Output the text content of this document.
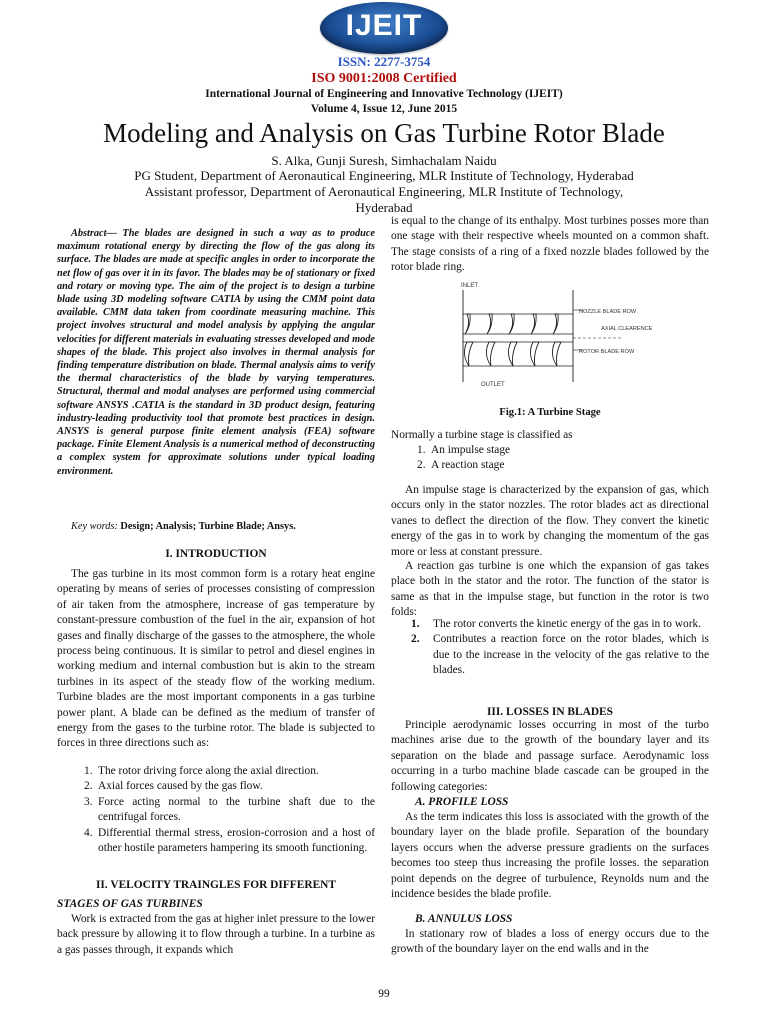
IJEIT
ISSN: 2277-3754
ISO 9001:2008 Certified
International Journal of Engineering and Innovative Technology (IJEIT)
Volume 4, Issue 12, June 2015
Modeling and Analysis on Gas Turbine Rotor Blade
S. Alka, Gunji Suresh, Simhachalam Naidu
PG Student, Department of Aeronautical Engineering, MLR Institute of Technology, Hyderabad
Assistant professor, Department of Aeronautical Engineering, MLR Institute of Technology,
Hyderabad
Abstract— The blades are designed in such a way as to produce maximum rotational energy by directing the flow of the gas along its surface. The blades are made at specific angles in order to incorporate the net flow of gas over it in its favor. The blades may be of stationary or fixed and rotary or moving type. The aim of the project is to design a turbine blade using 3D modeling software CATIA by using the CMM point data available. CMM data taken from coordinate measuring machine. This project involves structural and model analysis by applying the angular velocities for different materials in evaluating stresses developed and mode shapes of the blade. This project also involves in thermal analysis for finding temperature distribution on blade. Thermal analysis aims to verify the thermal characteristics of the blade by varying temperatures. Structural, thermal and modal analyses are performed using commercial software ANSYS .CATIA is the standard in 3D product design, featuring industry-leading productivity tool that promote best practices in design. ANSYS is general purpose finite element analysis (FEA) software package. Finite Element Analysis is a numerical method of deconstructing a complex system for approximate solutions under typical loading environment.
Key words: Design; Analysis; Turbine Blade; Ansys.
I. INTRODUCTION
The gas turbine in its most common form is a rotary heat engine operating by means of series of processes consisting of compression of air taken from the atmosphere, increase of gas temperature by constant-pressure combustion of the fuel in the air, expansion of hot gases and finally discharge of the gasses to the atmosphere, the whole process being continuous. It is similar to petrol and diesel engines in working medium and internal combustion but is akin to the stream turbines in its aspect of the steady flow of the working medium. Turbine blades are the most important components in a gas turbine power plant. A blade can be defined as the medium of transfer of energy from the gases to the turbine rotor. The blade is subjected to forces in three directions such as:
1. The rotor driving force along the axial direction.
2. Axial forces caused by the gas flow.
3. Force acting normal to the turbine shaft due to the centrifugal forces.
4. Differential thermal stress, erosion-corrosion and a host of other hostile parameters hampering its smooth functioning.
II. VELOCITY TRAINGLES FOR DIFFERENT
STAGES OF GAS TURBINES
Work is extracted from the gas at higher inlet pressure to the lower back pressure by allowing it to flow through a turbine. In a turbine as a gas passes through, it expands which
is equal to the change of its enthalpy. Most turbines posses more than one stage with their respective wheels mounted on a common shaft. The stage consists of a ring of a fixed nozzle blades followed by the rotor blade ring.
INLET
NOZZLE BLADE ROW
AXIAL CLEARENCE
ROTOR BLADE ROW
OUTLET
Fig.1: A Turbine Stage
Normally a turbine stage is classified as
1. An impulse stage
2. A reaction stage
An impulse stage is characterized by the expansion of gas, which occurs only in the stator nozzles. The rotor blades act as directional vanes to deflect the direction of the flow. They convert the kinetic energy of the gas in to work by changing the momentum of the gas more or less at constant pressure.
A reaction gas turbine is one which the expansion of gas takes place both in the stator and the rotor. The function of the stator is same as that in the impulse stage, but function in the rotor is two folds:
1. The rotor converts the kinetic energy of the gas in to work.
2. Contributes a reaction force on the rotor blades, which is due to the increase in the velocity of the gas relative to the blades.
III. LOSSES IN BLADES
Principle aerodynamic losses occurring in most of the turbo machines arise due to the growth of the boundary layer and its separation on the blade and passage surface. Aerodynamic loss occurring in a turbo machine blade cascade can be grouped in the following categories:
A. PROFILE LOSS
As the term indicates this loss is associated with the growth of the boundary layer on the blade profile. Separation of the boundary layers occurs when the adverse pressure gradients on the surfaces becomes too steep thus increasing the profile losses. the separation point depends on the degree of turbulence, Reynolds num and the incidence besides the blade profile.
B. ANNULUS LOSS
In stationary row of blades a loss of energy occurs due to the growth of the boundary layer on the end walls and in the
99
